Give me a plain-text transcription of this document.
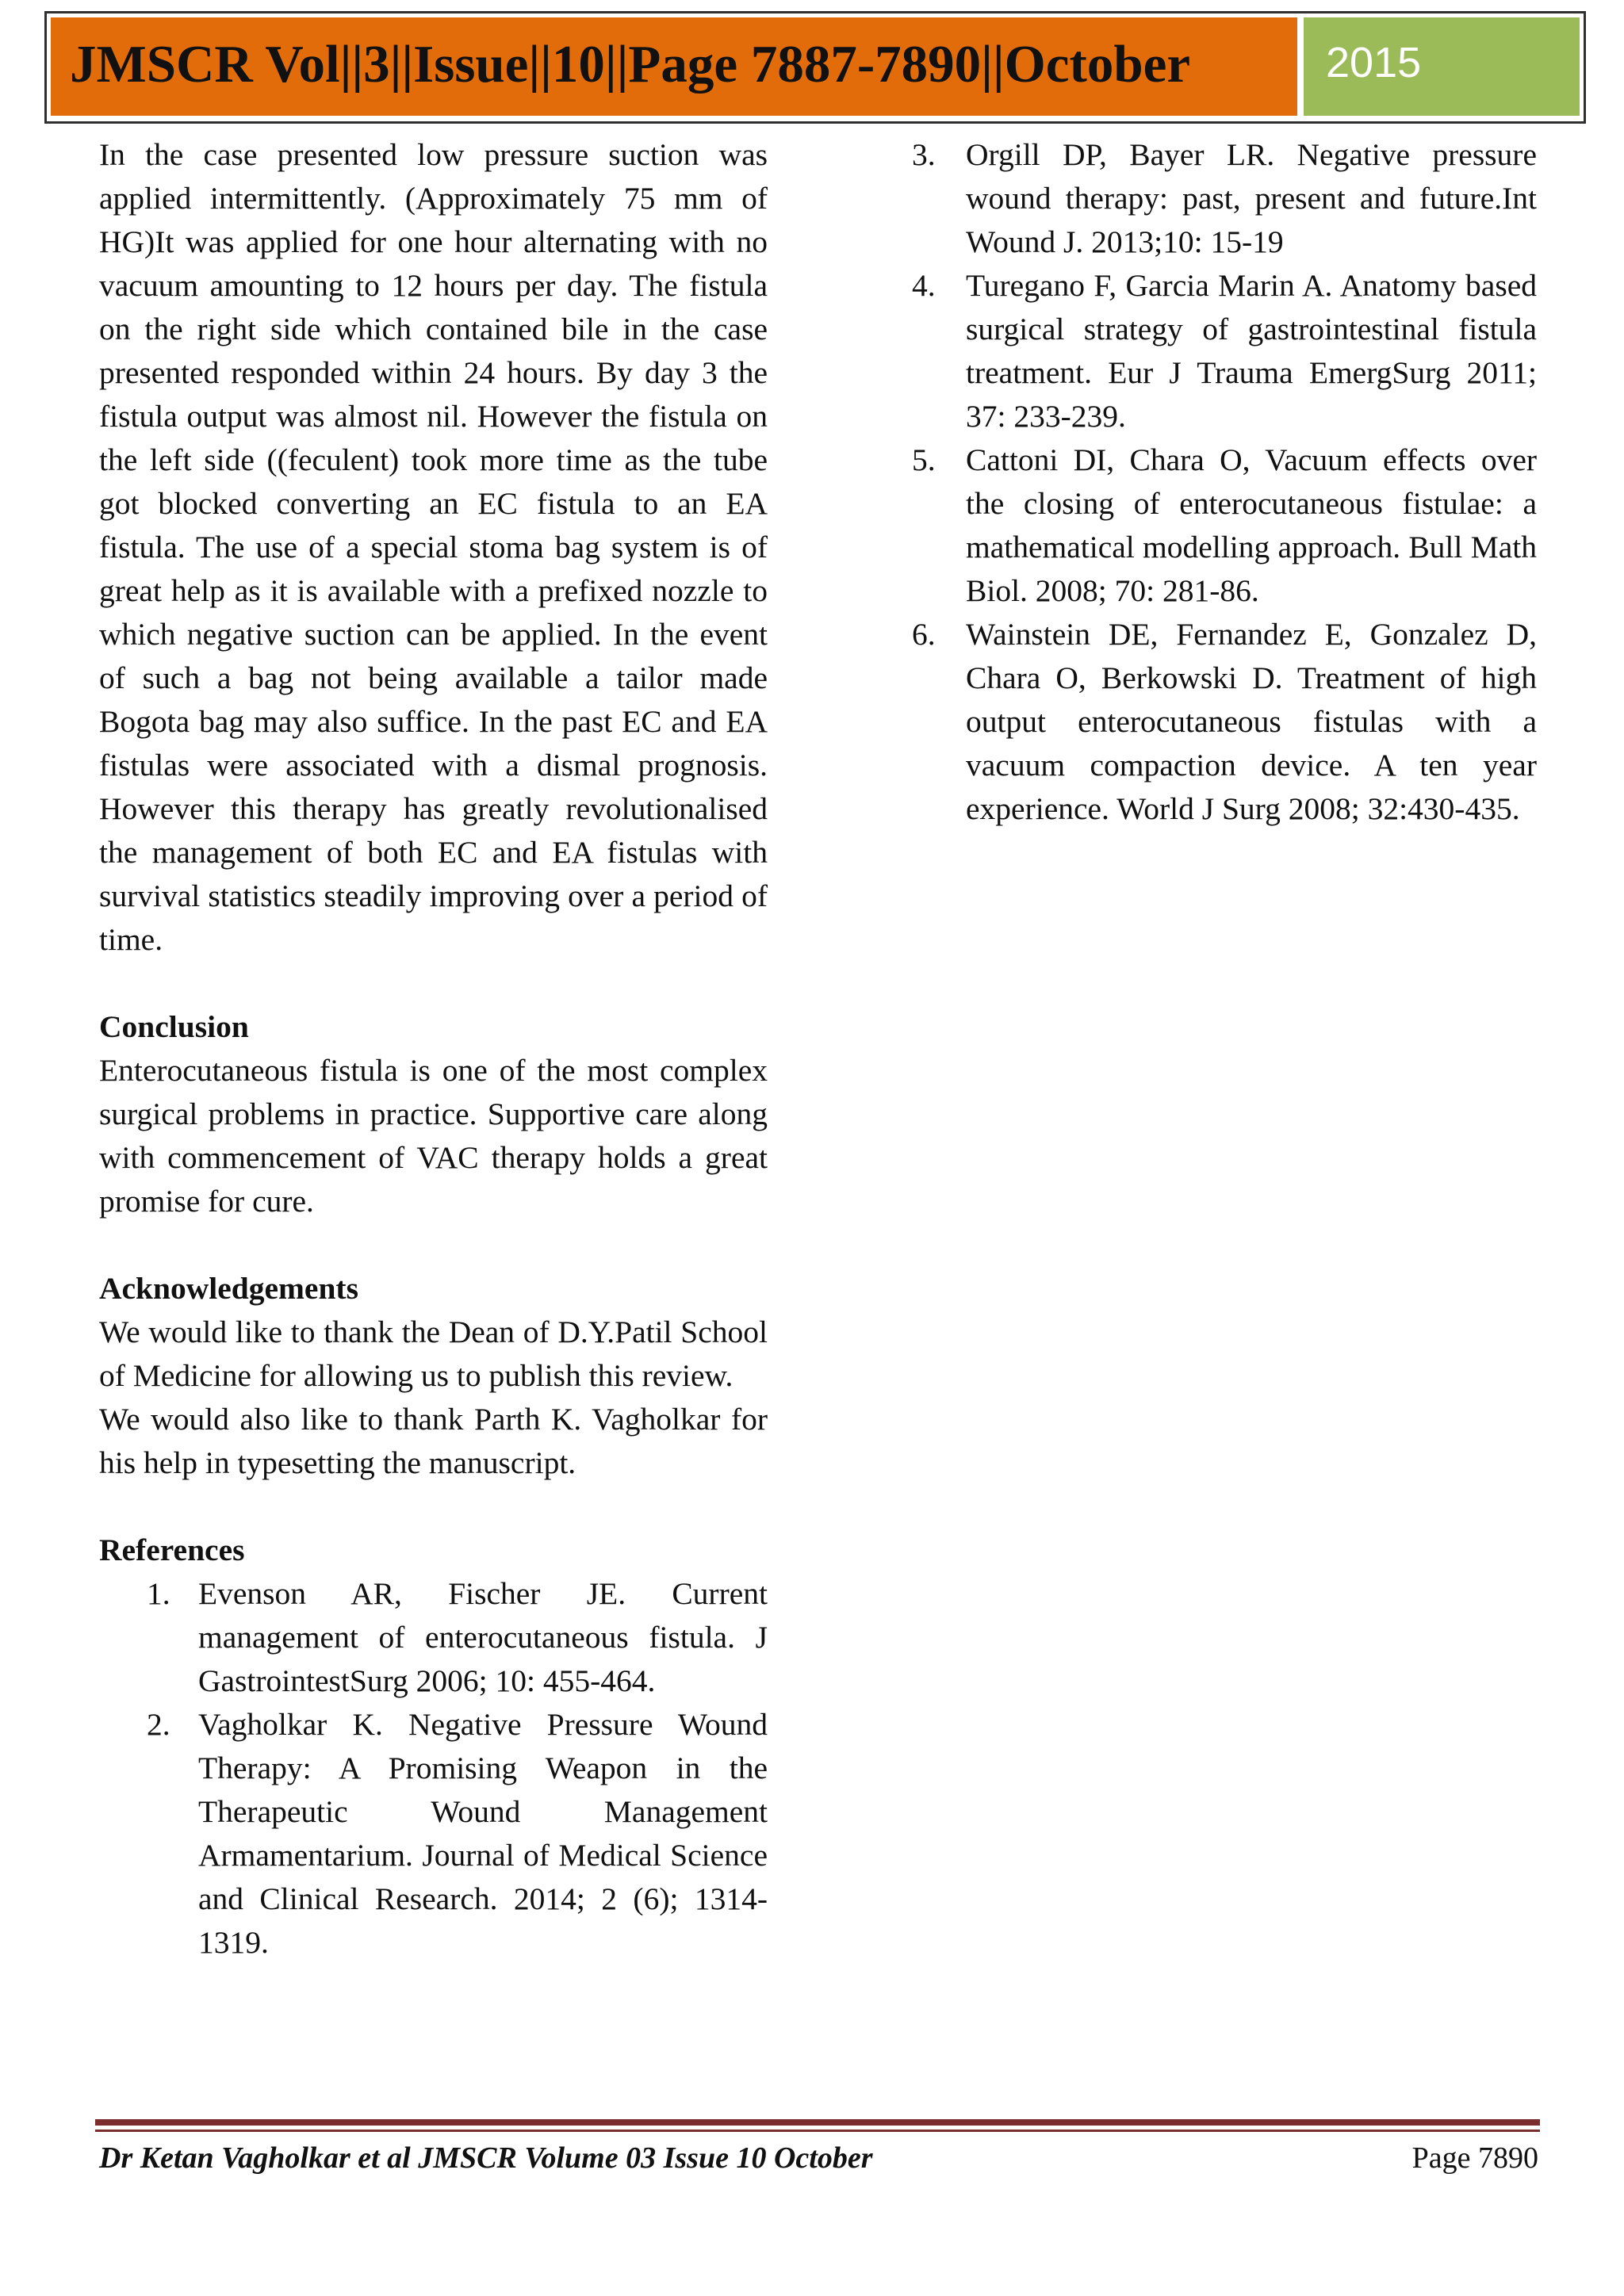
JMSCR Vol||3||Issue||10||Page 7887-7890||October	2015

In the case presented low pressure suction was applied intermittently. (Approximately 75 mm of HG)It was applied for one hour alternating with no vacuum amounting to 12 hours per day. The fistula on the right side which contained bile in the case presented responded within 24 hours. By day 3 the fistula output was almost nil. However the fistula on the left side ((feculent) took more time as the tube got blocked converting an EC fistula to an EA fistula. The use of a special stoma bag system is of great help as it is available with a prefixed nozzle to which negative suction can be applied. In the event of such a bag not being available a tailor made Bogota bag may also suffice. In the past EC and EA fistulas were associated with a dismal prognosis. However this therapy has greatly revolutionalised the management of both EC and EA fistulas with survival statistics steadily improving over a period of time.

Conclusion

Enterocutaneous fistula is one of the most complex surgical problems in practice. Supportive care along with commencement of VAC therapy holds a great promise for cure.

Acknowledgements

We would like to thank the Dean of D.Y.Patil School of Medicine for allowing us to publish this review.

We would also like to thank Parth K. Vagholkar for his help in typesetting the manuscript.

References

1. Evenson AR, Fischer JE. Current management of enterocutaneous fistula. J GastrointestSurg 2006; 10: 455-464.
2. Vagholkar K. Negative Pressure Wound Therapy: A Promising Weapon in the Therapeutic Wound Management Armamentarium. Journal of Medical Science and Clinical Research. 2014; 2 (6); 1314-1319.
3. Orgill DP, Bayer LR. Negative pressure wound therapy: past, present and future.Int Wound J. 2013;10: 15-19
4. Turegano F, Garcia Marin A. Anatomy based surgical strategy of gastrointestinal fistula treatment. Eur J Trauma EmergSurg 2011; 37: 233-239.
5. Cattoni DI, Chara O, Vacuum effects over the closing of enterocutaneous fistulae: a mathematical modelling approach. Bull Math Biol. 2008; 70: 281-86.
6. Wainstein DE, Fernandez E, Gonzalez D, Chara O, Berkowski D. Treatment of high output enterocutaneous fistulas with a vacuum compaction device. A ten year experience. World J Surg 2008; 32:430-435.
Dr Ketan Vagholkar et al JMSCR Volume 03 Issue 10 October	Page 7890
